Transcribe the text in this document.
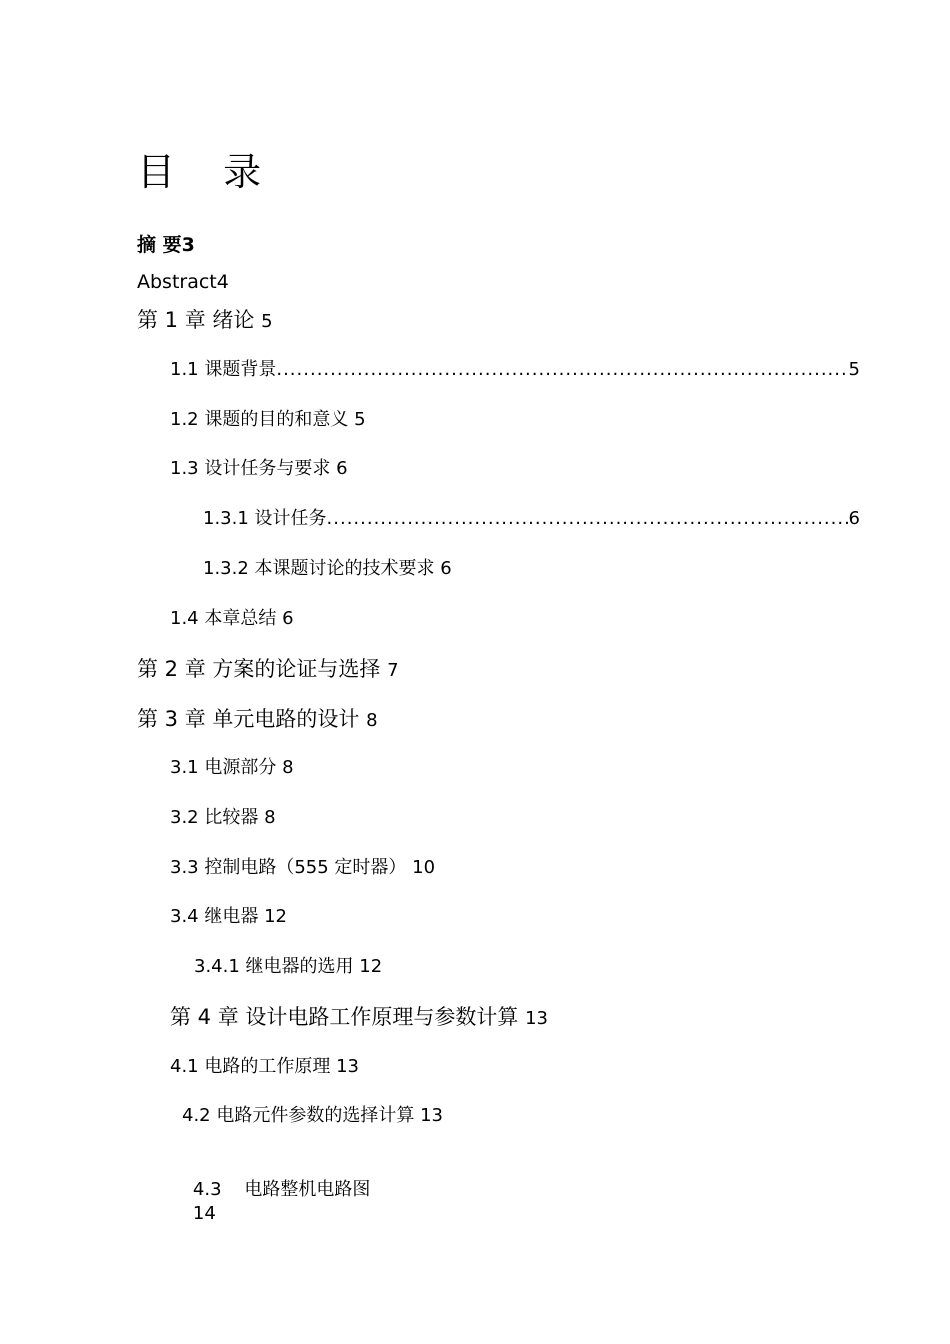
目 录
摘 要3
Abstract4
第 1 章 绪论 5
1.1 课题背景 .....	5
1.2 课题的目的和意义 5
1.3 设计任务与要求 6
1.3.1 设计任务 .....	6
1.3.2 本课题讨论的技术要求 6
1.4 本章总结 6
第 2 章 方案的论证与选择 7
第 3 章 单元电路的设计 8
3.1 电源部分 8
3.2 比较器 8
3.3 控制电路（555 定时器） 10
3.4 继电器 12
3.4.1 继电器的选用 12
第 4 章 设计电路工作原理与参数计算 13
4.1 电路的工作原理 13
4.2 电路元件参数的选择计算 13

4.3    电路整机电路图
14
